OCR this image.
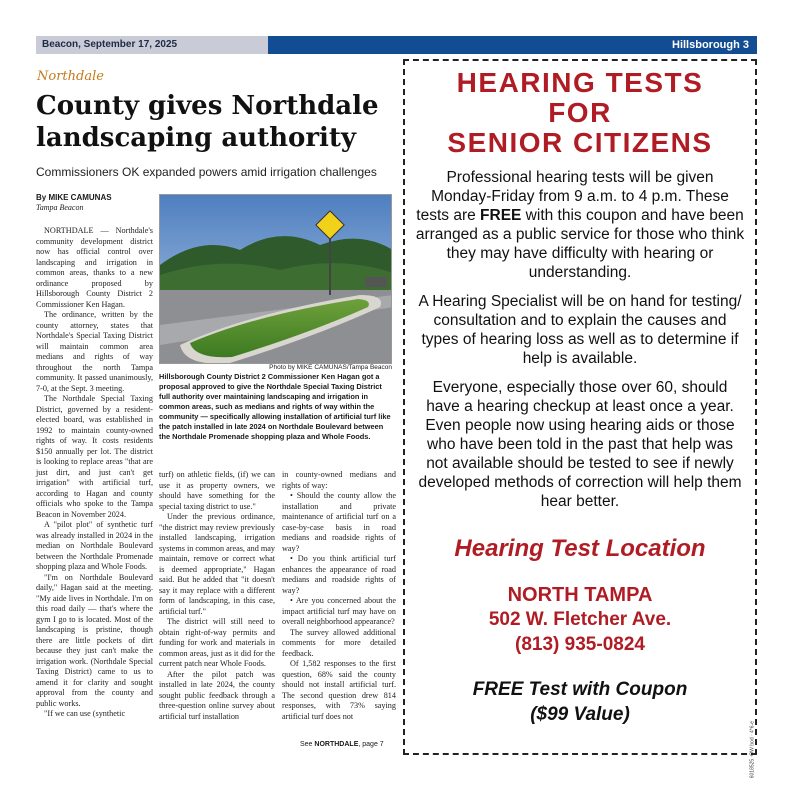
Beacon, September 17, 2025	Hillsborough 3
Northdale
County gives Northdale landscaping authority
Commissioners OK expanded powers amid irrigation challenges
By MIKE CAMUNAS
Tampa Beacon

NORTHDALE — Northdale's community development district now has official control over landscaping and irrigation in common areas, thanks to a new ordinance proposed by Hillsborough County District 2 Commissioner Ken Hagan.

The ordinance, written by the county attorney, states that Northdale's Special Taxing District will maintain common area medians and rights of way throughout the north Tampa community. It passed unanimously, 7-0, at the Sept. 3 meeting.

The Northdale Special Taxing District, governed by a resident-elected board, was established in 1992 to maintain county-owned rights of way. It costs residents $150 annually per lot. The district is looking to replace areas "that are just dirt, and just can't get irrigation" with artificial turf, according to Hagan and county officials who spoke to the Tampa Beacon in November 2024.

A "pilot plot" of synthetic turf was already installed in 2024 in the median on Northdale Boulevard between the Northdale Promenade shopping plaza and Whole Foods.

"I'm on Northdale Boulevard daily," Hagan said at the meeting. "My aide lives in Northdale. I'm on this road daily — that's where the gym I go to is located. Most of the landscaping is pristine, though there are little pockets of dirt because they just can't make the irrigation work. (Northdale Special Taxing District) came to us to amend it for clarity and sought approval from the county and public works.

"If we can use (synthetic

Photo by MIKE CAMUNAS/Tampa Beacon
Hillsborough County District 2 Commissioner Ken Hagan got a proposal approved to give the Northdale Special Taxing District full authority over maintaining landscaping and irrigation in common areas, such as medians and rights of way within the community — specifically allowing installation of artificial turf like the patch installed in late 2024 on Northdale Boulevard between the Northdale Promenade shopping plaza and Whole Foods.

turf) on athletic fields, (if) we can use it as property owners, we should have something for the special taxing district to use."

Under the previous ordinance, "the district may review previously installed landscaping, irrigation systems in common areas, and may maintain, remove or correct what is deemed appropriate," Hagan said. But he added that "it doesn't say it may replace with a different form of landscaping, in this case, artificial turf."

The district will still need to obtain right-of-way permits and funding for work and materials in common areas, just as it did for the current patch near Whole Foods.

After the pilot patch was installed in late 2024, the county sought public feedback through a three-question online survey about artificial turf installation

in county-owned medians and rights of way:

• Should the county allow the installation and private maintenance of artificial turf on a case-by-case basis in road medians and roadside rights of way?

• Do you think artificial turf enhances the appearance of road medians and roadside rights of way?

• Are you concerned about the impact artificial turf may have on overall neighborhood appearance?

The survey allowed additional comments for more detailed feedback.

Of 1,582 responses to the first question, 68% said the county should not install artificial turf. The second question drew 814 responses, with 73% saying artificial turf does not

See NORTHDALE, page 7
HEARING TESTS
FOR
SENIOR CITIZENS
Professional hearing tests will be given Monday-Friday from 9 a.m. to 4 p.m. These tests are FREE with this coupon and have been arranged as a public service for those who think they may have difficulty with hearing or understanding.
A Hearing Specialist will be on hand for testing/ consultation and to explain the causes and types of hearing loss as well as to determine if help is available.
Everyone, especially those over 60, should have a hearing checkup at least once a year. Even people now using hearing aids or those who have been told in the past that help was not available should be tested to see if newly developed methods of correction will help them hear better.
Hearing Test Location
NORTH TAMPA
502 W. Fletcher Ave.
(813) 935-0824
FREE Test with Coupon
($99 Value)
6018525 ·OW bod · 4*6-e
